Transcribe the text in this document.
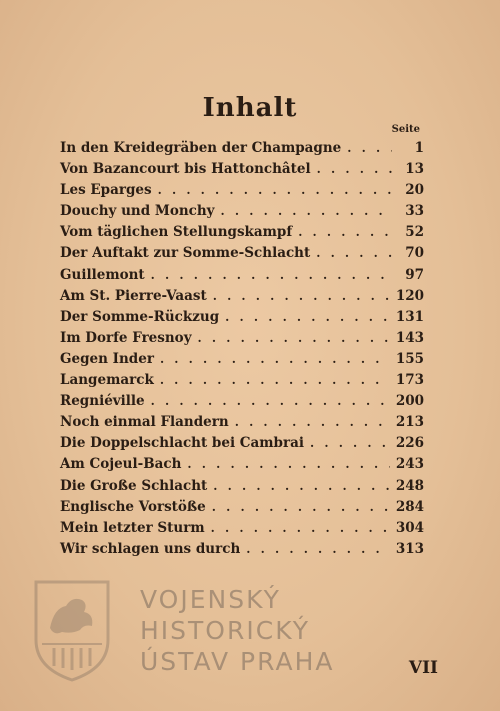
Inhalt
Seite
In den Kreidegräben der Champagne . . .	1
Von Bazancourt bis Hattonchâtel . . .	13
Les Eparges . . .	20
Douchy und Monchy . . .	33
Vom täglichen Stellungskampf . . .	52
Der Auftakt zur Somme-Schlacht . . .	70
Guillemont . . .	97
Am St. Pierre-Vaast . . .	120
Der Somme-Rückzug . . .	131
Im Dorfe Fresnoy . . .	143
Gegen Inder . . .	155
Langemarck . . .	173
Regniéville . . .	200
Noch einmal Flandern . . .	213
Die Doppelschlacht bei Cambrai . . .	226
Am Cojeul-Bach . . .	243
Die Große Schlacht . . .	248
Englische Vorstöße . . .	284
Mein letzter Sturm . . .	304
Wir schlagen uns durch . . .	313
VOJENSKÝ
HISTORICKÝ
ÚSTAV PRAHA	VII
